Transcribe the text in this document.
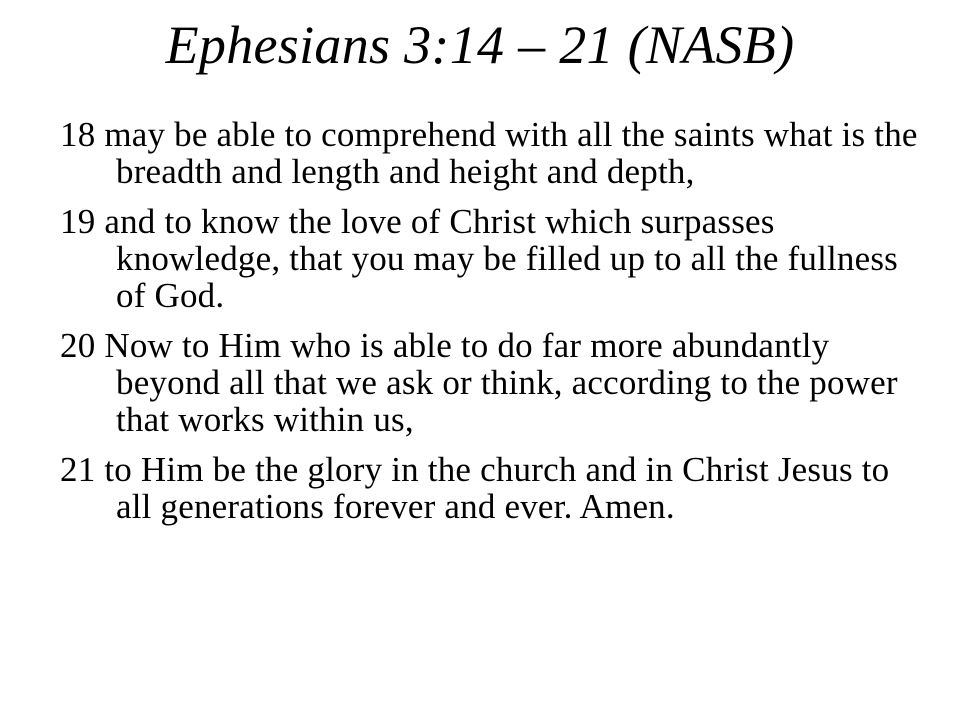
Ephesians 3:14 – 21 (NASB)
18 may be able to comprehend with all the saints what is the breadth and length and height and depth,
19 and to know the love of Christ which surpasses knowledge, that you may be filled up to all the fullness of God.
20 Now to Him who is able to do far more abundantly beyond all that we ask or think, according to the power that works within us,
21 to Him be the glory in the church and in Christ Jesus to all generations forever and ever. Amen.
